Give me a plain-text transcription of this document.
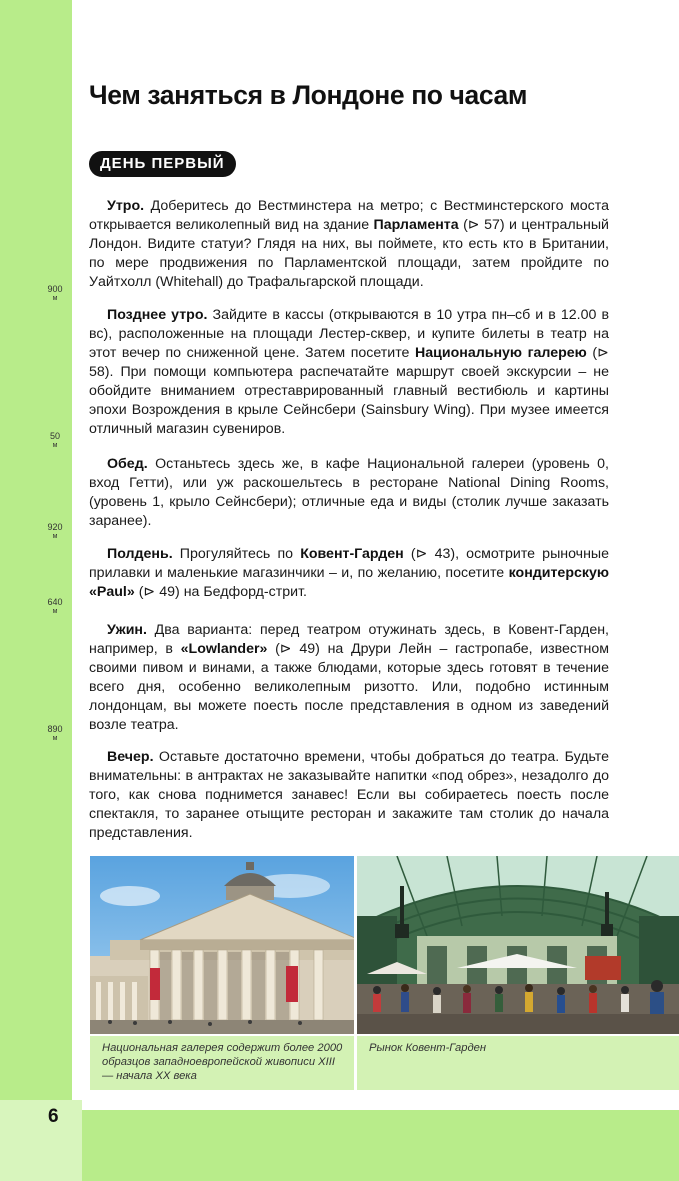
6
Чем заняться в Лондоне по часам
ДЕНЬ ПЕРВЫЙ
900
м
50
м
920
м
640
м
890
м

Утро. Доберитесь до Вестминстера на метро; с Вестминстерского моста открывается великолепный вид на здание Парламента (⊳ 57) и центральный Лондон. Видите статуи? Глядя на них, вы поймете, кто есть кто в Британии, по мере продвижения по Парламентской площади, затем пройдите по Уайтхолл (Whitehall) до Трафальгарской площади.

Позднее утро. Зайдите в кассы (открываются в 10 утра пн–сб и в 12.00 в вс), расположенные на площади Лестер-сквер, и купите билеты в театр на этот вечер по сниженной цене. Затем посетите Национальную галерею (⊳ 58). При помощи компьютера распечатайте маршрут своей экскурсии – не обойдите вниманием отреставрированный главный вестибюль и картины эпохи Возрождения в крыле Сейнсбери (Sainsbury Wing). При музее имеется отличный магазин сувениров.

Обед. Останьтесь здесь же, в кафе Национальной галереи (уровень 0, вход Гетти), или уж раскошельтесь в ресторане National Dining Rooms, (уровень 1, крыло Сейнсбери); отличные еда и виды (столик лучше заказать заранее).

Полдень. Прогуляйтесь по Ковент-Гарден (⊳ 43), осмотрите рыночные прилавки и маленькие магазинчики – и, по желанию, посетите кондитерскую «Paul» (⊳ 49) на Бедфорд-стрит.

Ужин. Два варианта: перед театром отужинать здесь, в Ковент-Гарден, например, в «Lowlander» (⊳ 49) на Друри Лейн – гастропабе, известном своими пивом и винами, а также блюдами, которые здесь готовят в течение всего дня, особенно великолепным ризотто. Или, подобно истинным лондонцам, вы можете поесть после представления в одном из заведений возле театра.

Вечер. Оставьте достаточно времени, чтобы добраться до театра. Будьте внимательны: в антрактах не заказывайте напитки «под обрез», незадолго до того, как снова поднимется занавес! Если вы собираетесь поесть после спектакля, то заранее отыщите ресторан и закажите там столик до начала представления.

Национальная галерея содержит более 2000 образцов западноевропейской живописи XIII — начала XX века
Рынок Ковент-Гарден
